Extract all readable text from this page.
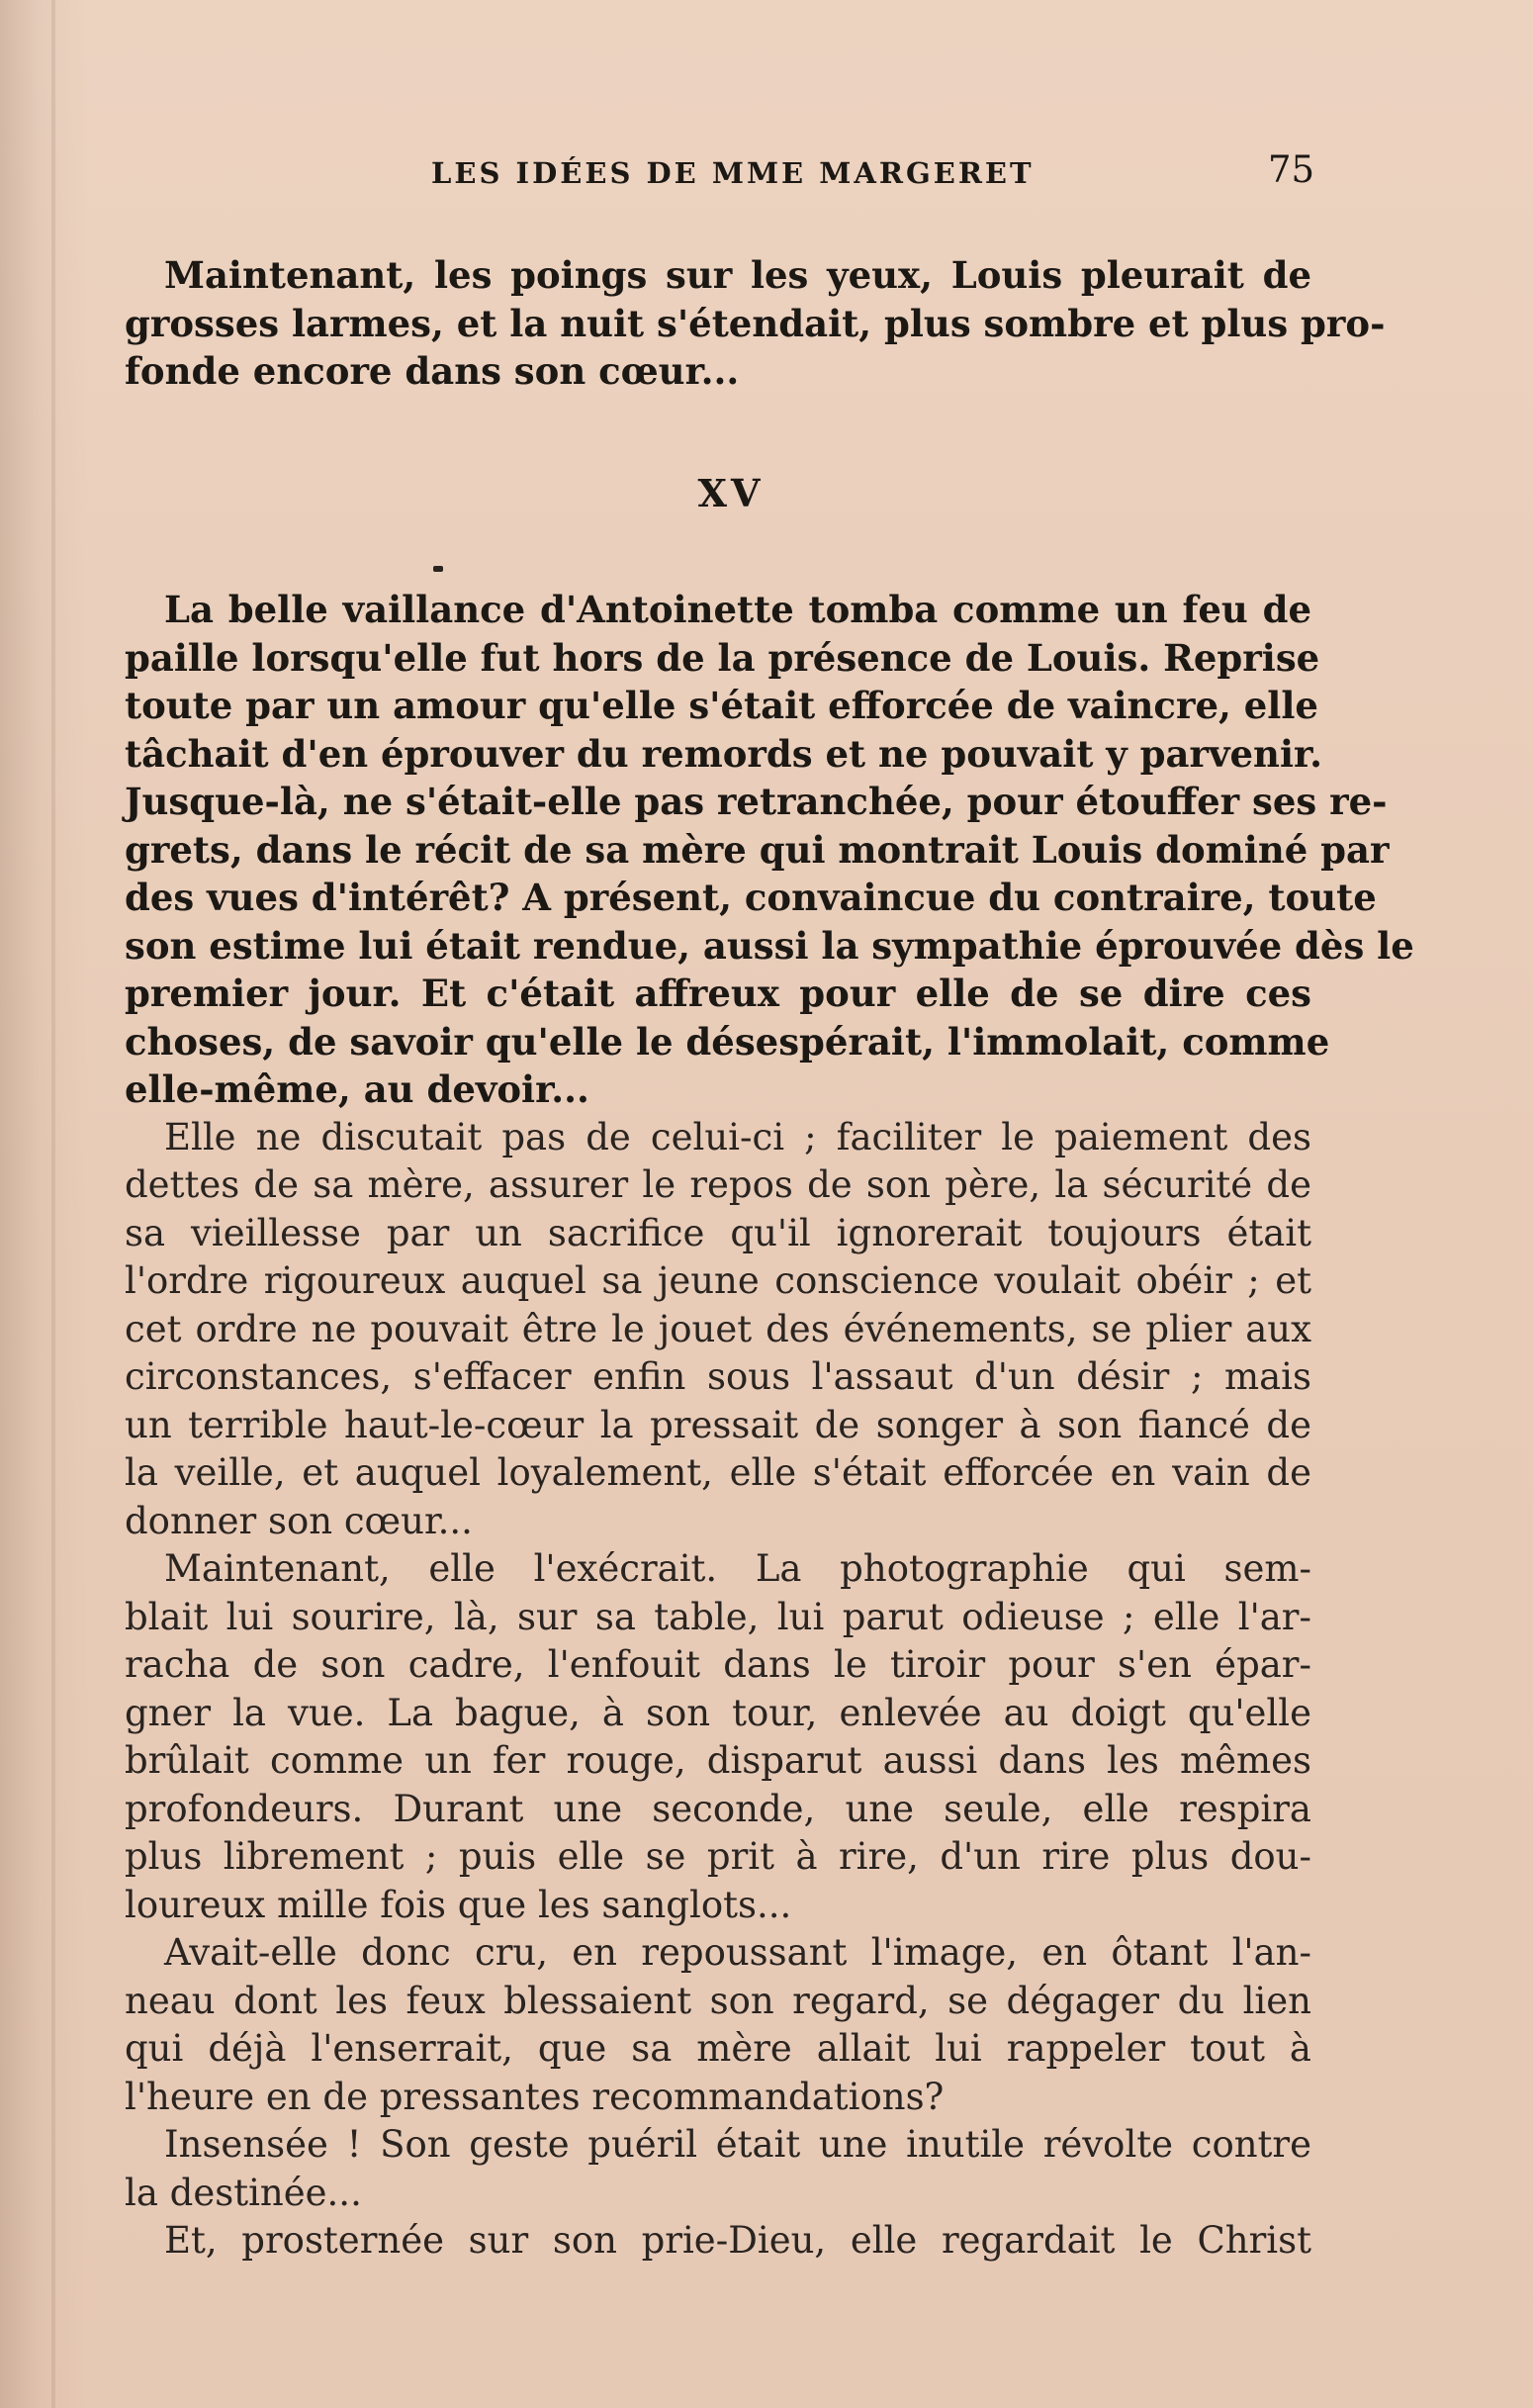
LES IDÉES DE MME MARGERET	75
Maintenant, les poings sur les yeux, Louis pleurait de
grosses larmes, et la nuit s'étendait, plus sombre et plus pro-
fonde encore dans son cœur...
XV
La belle vaillance d'Antoinette tomba comme un feu de
paille lorsqu'elle fut hors de la présence de Louis. Reprise
toute par un amour qu'elle s'était efforcée de vaincre, elle
tâchait d'en éprouver du remords et ne pouvait y parvenir.
Jusque-là, ne s'était-elle pas retranchée, pour étouffer ses re-
grets, dans le récit de sa mère qui montrait Louis dominé par
des vues d'intérêt? A présent, convaincue du contraire, toute
son estime lui était rendue, aussi la sympathie éprouvée dès le
premier jour. Et c'était affreux pour elle de se dire ces
choses, de savoir qu'elle le désespérait, l'immolait, comme
elle-même, au devoir...
Elle ne discutait pas de celui-ci ; faciliter le paiement des
dettes de sa mère, assurer le repos de son père, la sécurité de
sa vieillesse par un sacrifice qu'il ignorerait toujours était
l'ordre rigoureux auquel sa jeune conscience voulait obéir ; et
cet ordre ne pouvait être le jouet des événements, se plier aux
circonstances, s'effacer enfin sous l'assaut d'un désir ; mais
un terrible haut-le-cœur la pressait de songer à son fiancé de
la veille, et auquel loyalement, elle s'était efforcée en vain de
donner son cœur...
Maintenant, elle l'exécrait. La photographie qui sem-
blait lui sourire, là, sur sa table, lui parut odieuse ; elle l'ar-
racha de son cadre, l'enfouit dans le tiroir pour s'en épar-
gner la vue. La bague, à son tour, enlevée au doigt qu'elle
brûlait comme un fer rouge, disparut aussi dans les mêmes
profondeurs. Durant une seconde, une seule, elle respira
plus librement ; puis elle se prit à rire, d'un rire plus dou-
loureux mille fois que les sanglots...
Avait-elle donc cru, en repoussant l'image, en ôtant l'an-
neau dont les feux blessaient son regard, se dégager du lien
qui déjà l'enserrait, que sa mère allait lui rappeler tout à
l'heure en de pressantes recommandations?
Insensée ! Son geste puéril était une inutile révolte contre
la destinée...
Et, prosternée sur son prie-Dieu, elle regardait le Christ
